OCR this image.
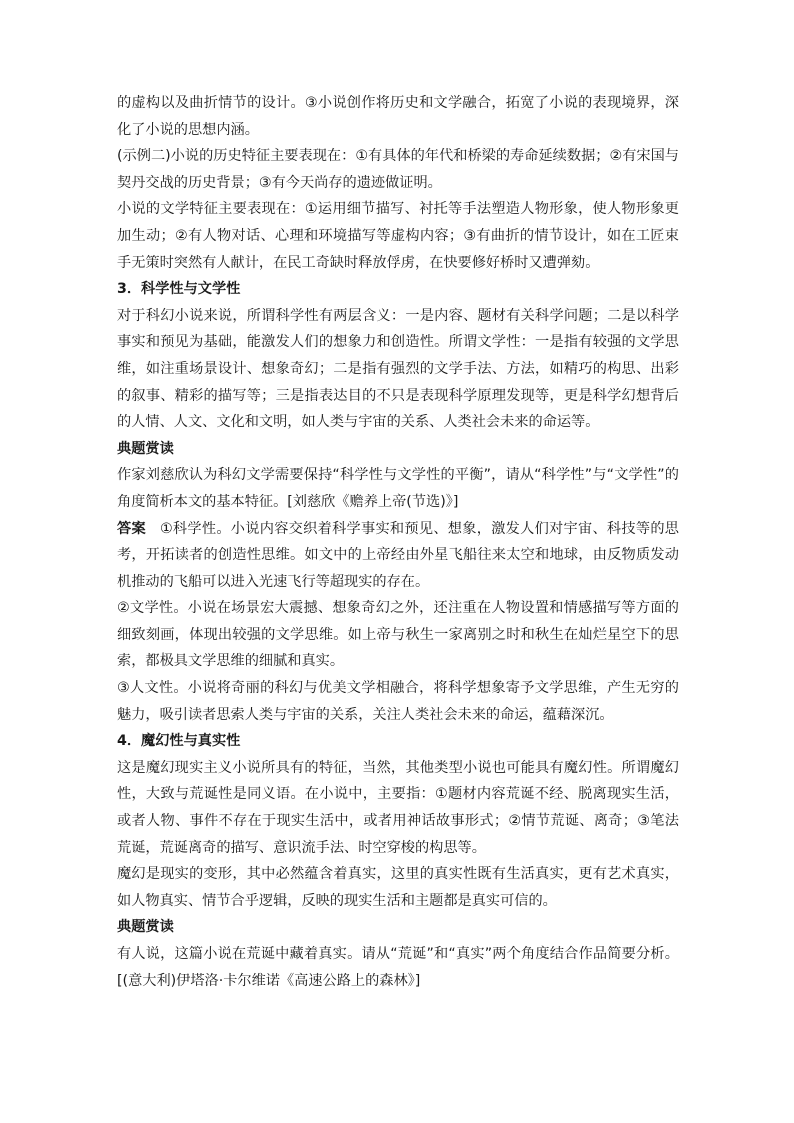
的虚构以及曲折情节的设计。③小说创作将历史和文学融合，拓宽了小说的表现境界，深化了小说的思想内涵。

(示例二)小说的历史特征主要表现在：①有具体的年代和桥梁的寿命延续数据；②有宋国与契丹交战的历史背景；③有今天尚存的遗迹做证明。

小说的文学特征主要表现在：①运用细节描写、衬托等手法塑造人物形象，使人物形象更加生动；②有人物对话、心理和环境描写等虚构内容；③有曲折的情节设计，如在工匠束手无策时突然有人献计，在民工奇缺时释放俘虏，在快要修好桥时又遭弹劾。

3．科学性与文学性

对于科幻小说来说，所谓科学性有两层含义：一是内容、题材有关科学问题；二是以科学事实和预见为基础，能激发人们的想象力和创造性。所谓文学性：一是指有较强的文学思维，如注重场景设计、想象奇幻；二是指有强烈的文学手法、方法，如精巧的构思、出彩的叙事、精彩的描写等；三是指表达目的不只是表现科学原理发现等，更是科学幻想背后的人情、人文、文化和文明，如人类与宇宙的关系、人类社会未来的命运等。

典题赏读

作家刘慈欣认为科幻文学需要保持“科学性与文学性的平衡”，请从“科学性”与“文学性”的角度简析本文的基本特征。[刘慈欣《赡养上帝(节选)》]

答案 ①科学性。小说内容交织着科学事实和预见、想象，激发人们对宇宙、科技等的思考，开拓读者的创造性思维。如文中的上帝经由外星飞船往来太空和地球，由反物质发动机推动的飞船可以进入光速飞行等超现实的存在。

②文学性。小说在场景宏大震撼、想象奇幻之外，还注重在人物设置和情感描写等方面的细致刻画，体现出较强的文学思维。如上帝与秋生一家离别之时和秋生在灿烂星空下的思索，都极具文学思维的细腻和真实。

③人文性。小说将奇丽的科幻与优美文学相融合，将科学想象寄予文学思维，产生无穷的魅力，吸引读者思索人类与宇宙的关系，关注人类社会未来的命运，蕴藉深沉。

4．魔幻性与真实性

这是魔幻现实主义小说所具有的特征，当然，其他类型小说也可能具有魔幻性。所谓魔幻性，大致与荒诞性是同义语。在小说中，主要指：①题材内容荒诞不经、脱离现实生活，或者人物、事件不存在于现实生活中，或者用神话故事形式；②情节荒诞、离奇；③笔法荒诞，荒诞离奇的描写、意识流手法、时空穿梭的构思等。

魔幻是现实的变形，其中必然蕴含着真实，这里的真实性既有生活真实，更有艺术真实，如人物真实、情节合乎逻辑，反映的现实生活和主题都是真实可信的。

典题赏读

有人说，这篇小说在荒诞中藏着真实。请从“荒诞”和“真实”两个角度结合作品简要分析。[(意大利)伊塔洛·卡尔维诺《高速公路上的森林》]
